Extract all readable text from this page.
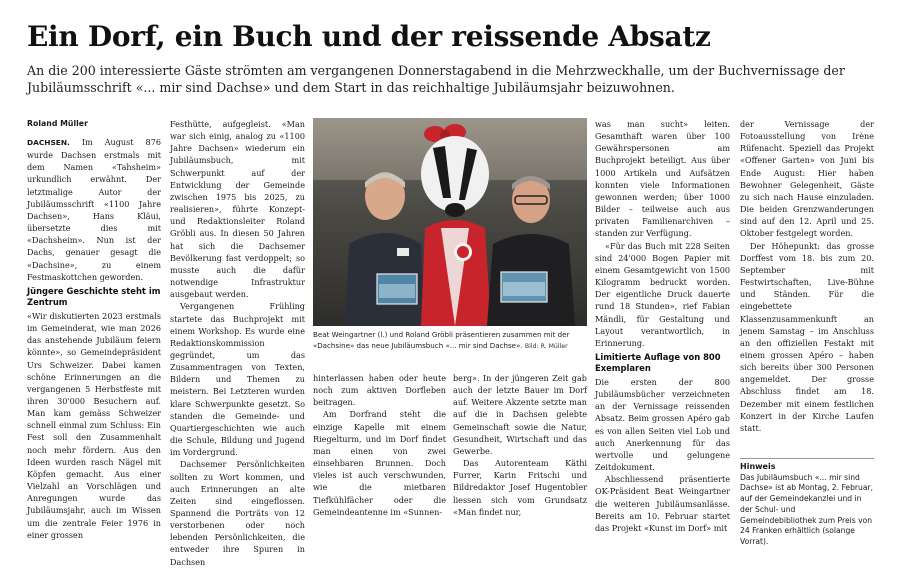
Ein Dorf, ein Buch und der reissende Absatz

An die 200 interessierte Gäste strömten am vergangenen Donnerstagabend in die Mehrzweckhalle, um der Buchvernissage der Jubiläumsschrift «... mir sind Dachse» und dem Start in das reichhaltige Jubiläumsjahr beizuwohnen.

Roland Müller

DACHSEN. Im August 876 wurde Dachsen erstmals mit dem Namen «Tahsheim» urkundlich erwähnt. Der letztmalige Autor der Jubiläumsschrift «1100 Jahre Dachsen», Hans Kläui, übersetzte dies mit «Dachsheim». Nun ist der Dachs, genauer gesagt die «Dachsine», zu einem Festmaskottchen geworden.

Jüngere Geschichte steht im Zentrum

«Wir diskutierten 2023 erstmals im Gemeinderat, wie man 2026 das anstehende Jubiläum feiern könnte», so Gemeindepräsident Urs Schweizer. Dabei kamen schöne Erinnerungen an die vergangenen 5 Herbstfeste mit ihren 30'000 Besuchern auf. Man kam gemäss Schweizer schnell einmal zum Schluss: Ein Fest soll den Zusammenhalt noch mehr fördern. Aus den Ideen wurden rasch Nägel mit Köpfen gemacht. Aus einer Vielzahl an Vorschlägen und Anregungen wurde das Jubiläumsjahr, auch im Wissen um die zentrale Feier 1976 in einer grossen

Festhütte, aufgegleist. «Man war sich einig, analog zu «1100 Jahre Dachsen» wiederum ein Jubiläumsbuch, mit Schwerpunkt auf der Entwicklung der Gemeinde zwischen 1975 bis 2025, zu realisieren», führte Konzept- und Redaktionsleiter Roland Gröbli aus. In diesen 50 Jahren hat sich die Dachsemer Bevölkerung fast verdoppelt; so musste auch die dafür notwendige Infrastruktur ausgebaut werden.

Vergangenen Frühling startete das Buchprojekt mit einem Workshop. Es wurde eine Redaktionskommission gegründet, um das Zusammentragen von Texten, Bildern und Themen zu meistern. Bei Letzteren wurden klare Schwerpunkte gesetzt. So standen die Gemeinde- und Quartiergeschichten wie auch die Schule, Bildung und Jugend im Vordergrund.

Dachsemer Persönlichkeiten sollten zu Wort kommen, und auch Erinnerungen an alte Zeiten sind eingeflossen. Spannend die Porträts von 12 verstorbenen oder noch lebenden Persönlichkeiten, die entweder ihre Spuren in Dachsen

Beat Weingartner (l.) und Roland Gröbli präsentieren zusammen mit der «Dachsine» das neue Jubiläumsbuch «... mir sind Dachse». Bild: R. Müller

hinterlassen haben oder heute noch zum aktiven Dorfleben beitragen.

Am Dorfrand steht die einzige Kapelle mit einem Riegelturm, und im Dorf findet man einen von zwei einsehbaren Brunnen. Doch vieles ist auch verschwunden, wie die mietbaren Tiefkühlfächer oder die Gemeindeantenne im «Sunnen-

berg». In der jüngeren Zeit gab auch der letzte Bauer im Dorf auf. Weitere Akzente setzte man auf die in Dachsen gelebte Gemeinschaft sowie die Natur, Gesundheit, Wirtschaft und das Gewerbe.

Das Autorenteam Käthi Furrer, Karin Fritschi und Bildredaktor Josef Hugentobler liessen sich vom Grundsatz «Man findet nur,

was man sucht» leiten. Gesamthaft waren über 100 Gewährspersonen am Buchprojekt beteiligt. Aus über 1000 Artikeln und Aufsätzen konnten viele Informationen gewonnen werden; über 1000 Bilder – teilweise auch aus privaten Familienarchiven – standen zur Verfügung.

«Für das Buch mit 228 Seiten sind 24'000 Bogen Papier mit einem Gesamtgewicht von 1500 Kilogramm bedruckt worden. Der eigentliche Druck dauerte rund 18 Stunden», rief Fabian Mändli, für Gestaltung und Layout verantwortlich, in Erinnerung.

Limitierte Auflage von 800 Exemplaren

Die ersten der 800 Jubiläumsbücher verzeichneten an der Vernissage reissenden Absatz. Beim grossen Apéro gab es von allen Seiten viel Lob und auch Anerkennung für das wertvolle und gelungene Zeitdokument.

Abschliessend präsentierte OK-Präsident Beat Weingartner die weiteren Jubiläumsanlässe. Bereits am 10. Februar startet das Projekt «Kunst im Dorf» mit

der Vernissage der Fotoausstellung von Irène Rüfenacht. Speziell das Projekt «Offener Garten» von Juni bis Ende August: Hier haben Bewohner Gelegenheit, Gäste zu sich nach Hause einzuladen. Die beiden Grenzwanderungen sind auf den 12. April und 25. Oktober festgelegt worden.

Der Höhepunkt: das grosse Dorffest vom 18. bis zum 20. September mit Festwirtschaften, Live-Bühne und Ständen. Für die eingebettete Klassenzusammenkunft an jenem Samstag – im Anschluss an den offiziellen Festakt mit einem grossen Apéro – haben sich bereits über 300 Personen angemeldet. Der grosse Abschluss findet am 18. Dezember mit einem festlichen Konzert in der Kirche Laufen statt.

Hinweis
Das Jubiläumsbuch «... mir sind Dachse» ist ab Montag, 2. Februar, auf der Gemeindekanzlei und in der Schul- und Gemeindebibliothek zum Preis von 24 Franken erhältlich (solange Vorrat).
